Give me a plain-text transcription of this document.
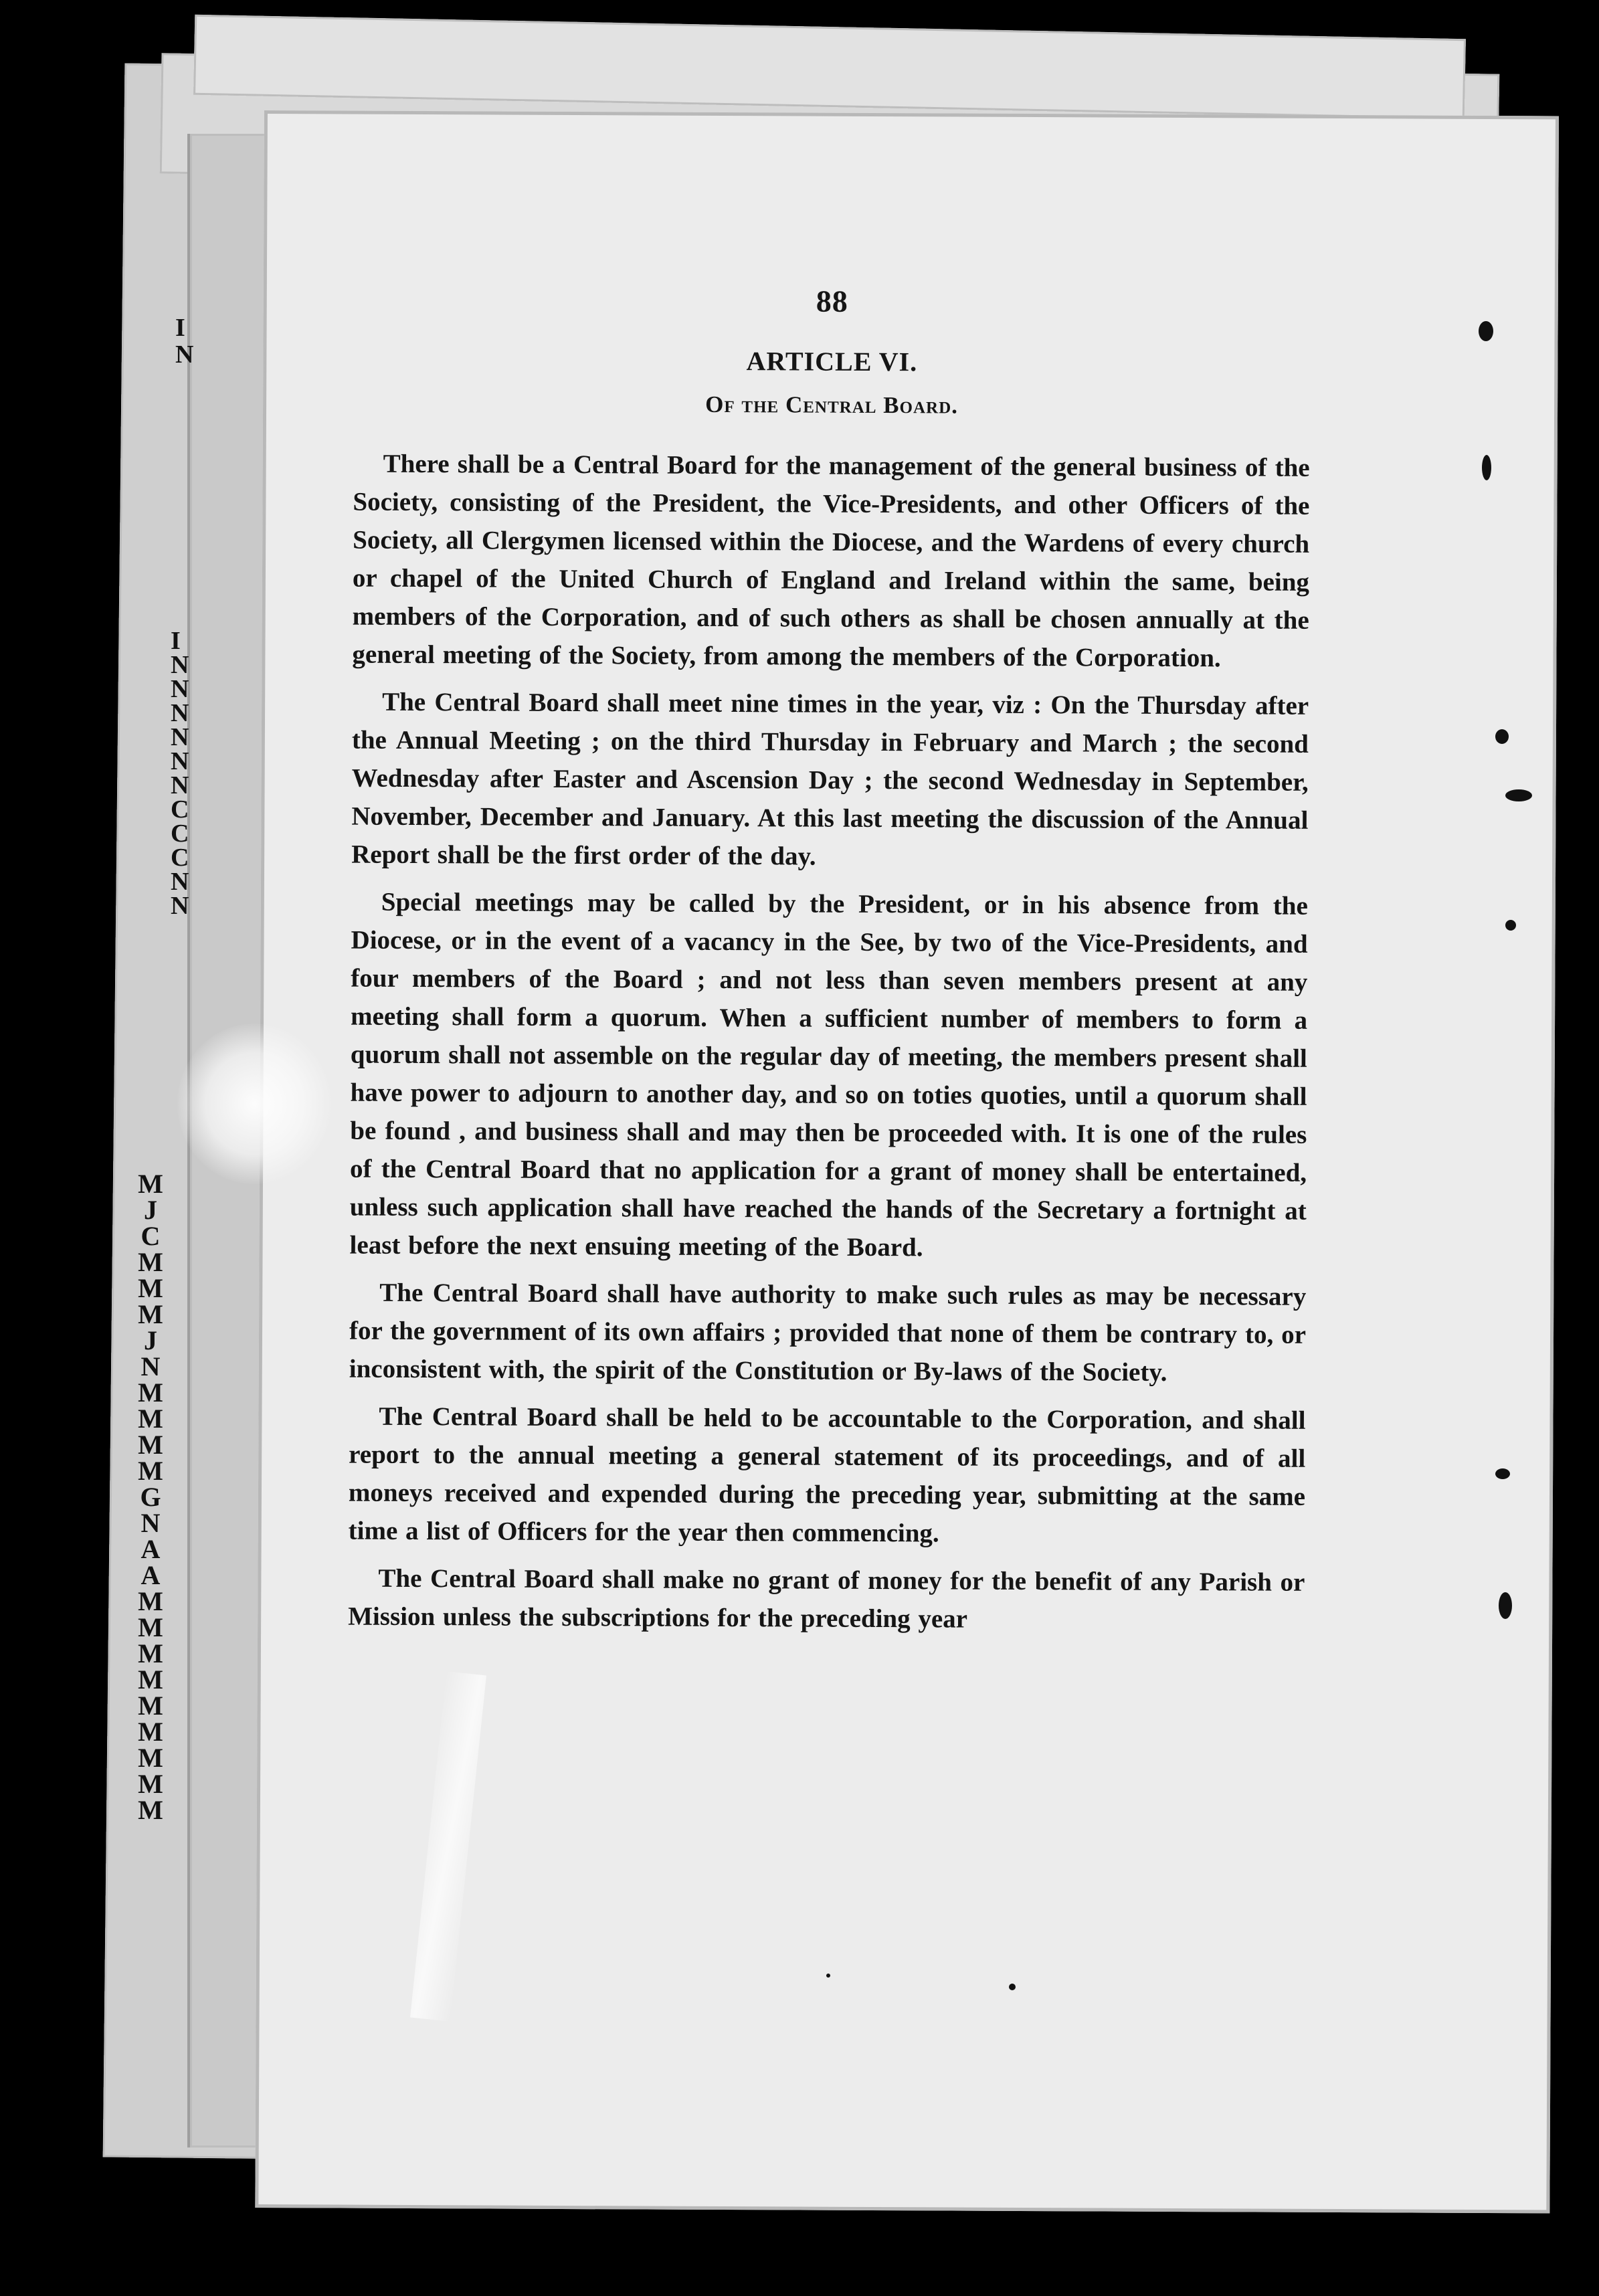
I
N
I
N
N
N
N
N
N
C
C
C
N
N
M
J
C
M
M
M
J
N
M
M
M
M
G
N
A
A
M
M
M
M
M
M
M
M
M
88
ARTICLE VI.
Of the Central Board.

There shall be a Central Board for the management of the general business of the Society, consisting of the President, the Vice-Presidents, and other Officers of the Society, all Clergymen licensed within the Diocese, and the Wardens of every church or chapel of the United Church of England and Ireland within the same, being members of the Corporation, and of such others as shall be chosen annually at the general meeting of the Society, from among the members of the Corporation.

The Central Board shall meet nine times in the year, viz : On the Thursday after the Annual Meeting ; on the third Thursday in February and March ; the second Wednesday after Easter and Ascension Day ; the second Wednesday in September, November, December and January. At this last meeting the discussion of the Annual Report shall be the first order of the day.

Special meetings may be called by the President, or in his absence from the Diocese, or in the event of a vacancy in the See, by two of the Vice-Presidents, and four members of the Board ; and not less than seven members present at any meeting shall form a quorum. When a sufficient number of members to form a quorum shall not assemble on the regular day of meeting, the members present shall have power to adjourn to another day, and so on toties quoties, until a quorum shall be found , and business shall and may then be proceeded with. It is one of the rules of the Central Board that no application for a grant of money shall be entertained, unless such application shall have reached the hands of the Secretary a fortnight at least before the next ensuing meeting of the Board.

The Central Board shall have authority to make such rules as may be necessary for the government of its own affairs ; provided that none of them be contrary to, or inconsistent with, the spirit of the Constitution or By-laws of the Society.

The Central Board shall be held to be accountable to the Corporation, and shall report to the annual meeting a general statement of its proceedings, and of all moneys received and expended during the preceding year, submitting at the same time a list of Officers for the year then commencing.

The Central Board shall make no grant of money for the benefit of any Parish or Mission unless the subscriptions for the preceding year
